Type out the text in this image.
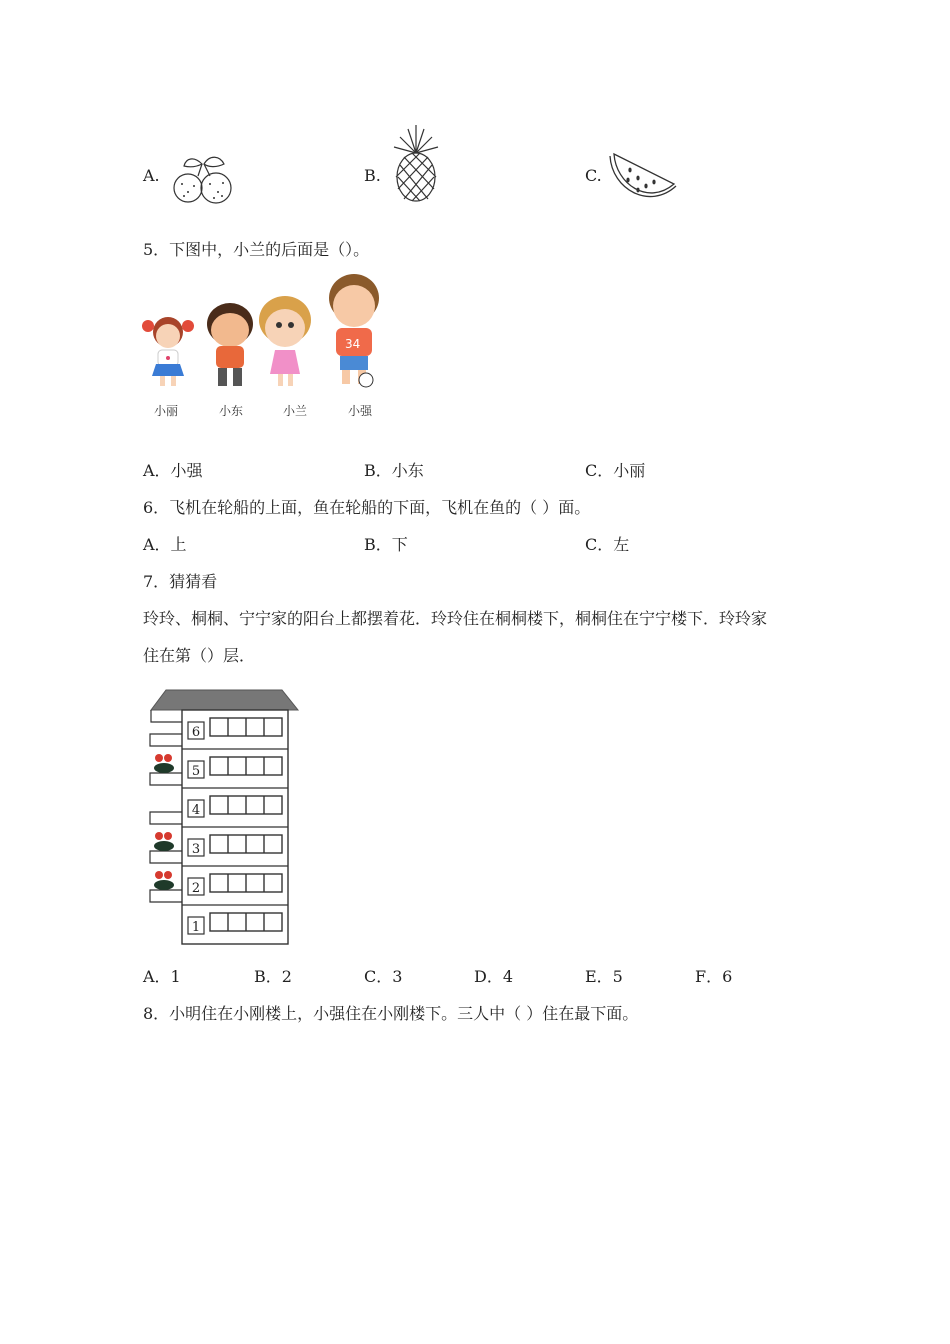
A.	B.	C.
5．下图中，小兰的后面是（）。
34
小丽	小东	小兰	小强
A．小强	B．小东	C．小丽
6．飞机在轮船的上面，鱼在轮船的下面，飞机在鱼的（ ）面。
A．上	B．下	C．左
7．猜猜看
玲玲、桐桐、宁宁家的阳台上都摆着花．玲玲住在桐桐楼下，桐桐住在宁宁楼下．玲玲家
住在第（）层．
6
5
4
3
2
1
A．1	B．2	C．3	D．4	E．5	F．6
8．小明住在小刚楼上，小强住在小刚楼下。三人中（ ）住在最下面。
